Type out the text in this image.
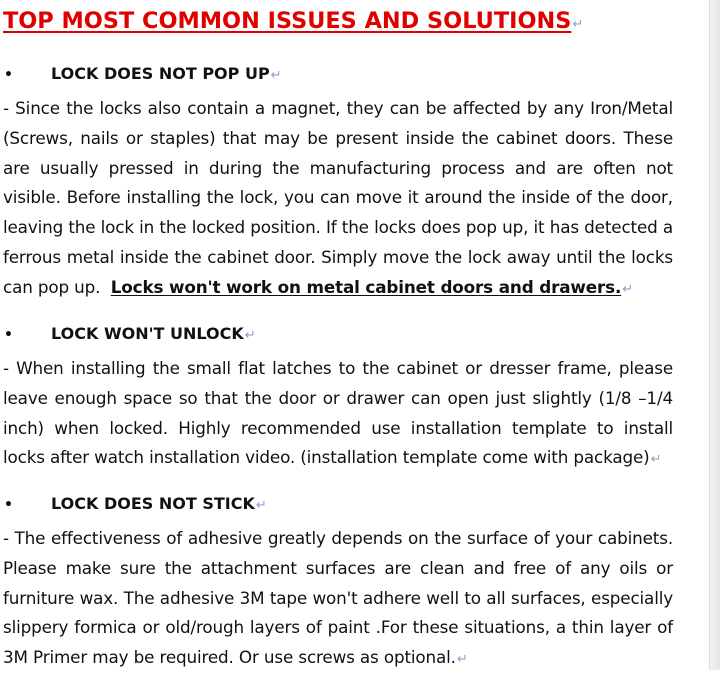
TOP MOST COMMON ISSUES AND SOLUTIONS↵
•	LOCK DOES NOT POP UP ↵

- Since the locks also contain a magnet, they can be affected by any Iron/Metal (Screws, nails or staples) that may be present inside the cabinet doors. These are usually pressed in during the manufacturing process and are often not visible. Before installing the lock, you can move it around the inside of the door, leaving the lock in the locked position. If the locks does pop up, it has detected a ferrous metal inside the cabinet door. Simply move the lock away until the locks can pop up. Locks won't work on metal cabinet doors and drawers.↵

•	LOCK WON'T UNLOCK ↵

- When installing the small flat latches to the cabinet or dresser frame, please leave enough space so that the door or drawer can open just slightly (1/8 –1/4 inch) when locked. Highly recommended use installation template to install locks after watch installation video. (installation template come with package)↵

•	LOCK DOES NOT STICK ↵

- The effectiveness of adhesive greatly depends on the surface of your cabinets. Please make sure the attachment surfaces are clean and free of any oils or furniture wax. The adhesive 3M tape won't adhere well to all surfaces, especially slippery formica or old/rough layers of paint .For these situations, a thin layer of 3M Primer may be required. Or use screws as optional.↵
